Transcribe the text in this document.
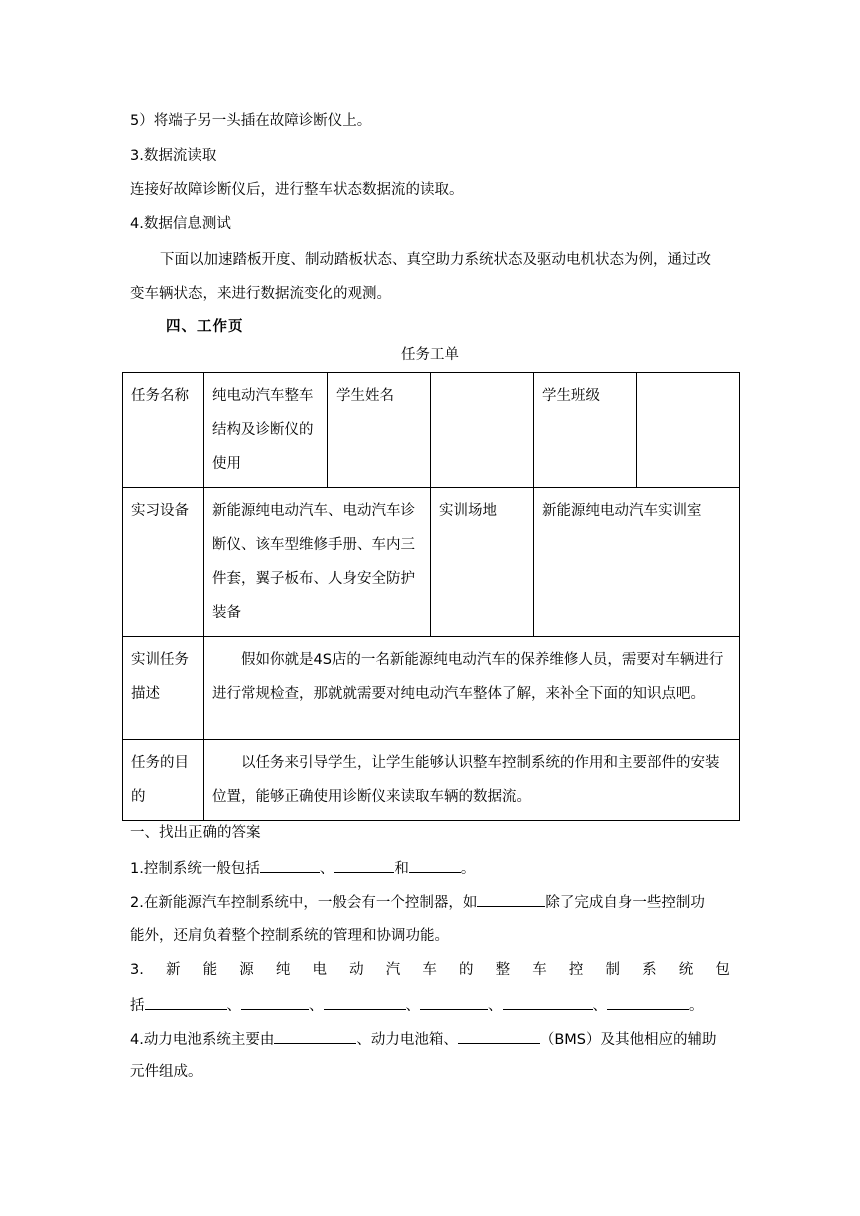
5）将端子另一头插在故障诊断仪上。
3.数据流读取
连接好故障诊断仪后，进行整车状态数据流的读取。
4.数据信息测试
下面以加速踏板开度、制动踏板状态、真空助力系统状态及驱动电机状态为例，通过改
变车辆状态，来进行数据流变化的观测。
四、工作页
任务工单
任务名称	纯电动汽车整车结构及诊断仪的使用	学生姓名		学生班级	
实习设备	新能源纯电动汽车、电动汽车诊断仪、该车型维修手册、车内三件套，翼子板布、人身安全防护装备		实训场地	新能源纯电动汽车实训室	
实训任务描述	假如你就是4S店的一名新能源纯电动汽车的保养维修人员，需要对车辆进行进行常规检查，那就就需要对纯电动汽车整体了解，来补全下面的知识点吧。				
任务的目的	以任务来引导学生，让学生能够认识整车控制系统的作用和主要部件的安装位置，能够正确使用诊断仪来读取车辆的数据流。				
一、找出正确的答案
1.控制系统一般包括	、	和	。
2.在新能源汽车控制系统中，一般会有一个控制器，如	除了完成自身一些控制功
能外，还肩负着整个控制系统的管理和协调功能。
3. 新 能 源 纯 电 动 汽 车 的 整 车 控 制 系 统 包
括	、	、	、	、	、	。
4.动力电池系统主要由	、动力电池箱、	（BMS）及其他相应的辅助
元件组成。
